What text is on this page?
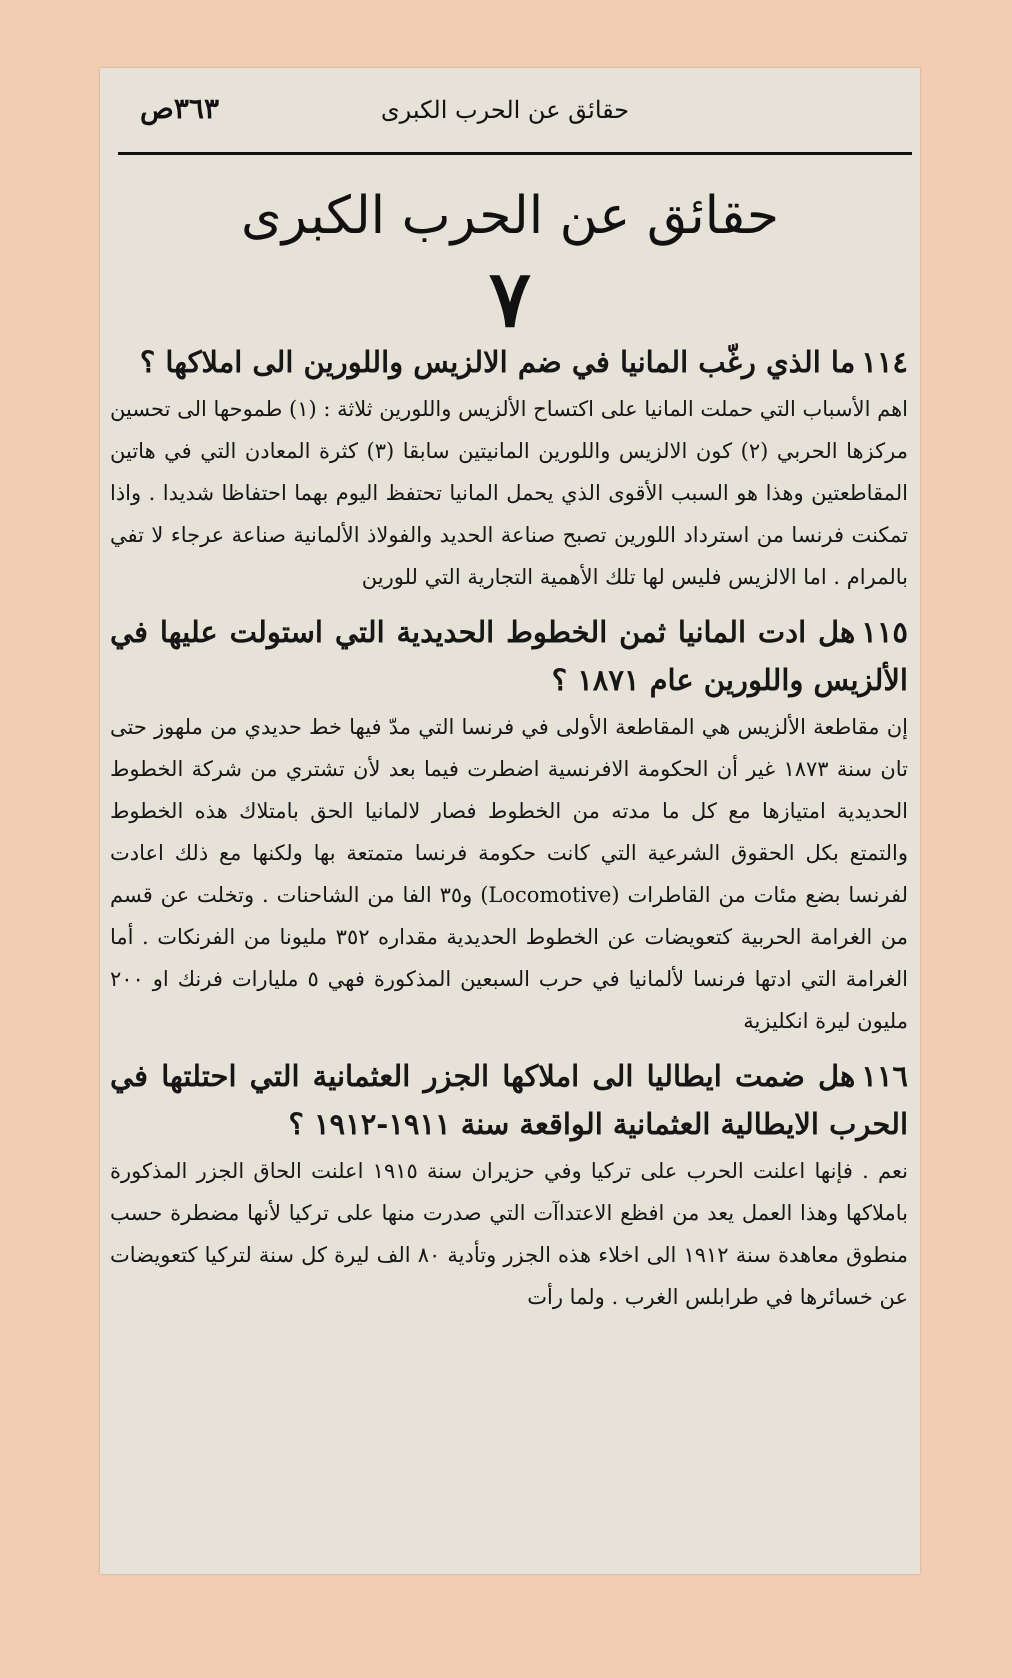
حقائق عن الحرب الكبرى
٣٦٣ص
حقائق عن الحرب الكبرى
٧

١١٤ما الذي رغّب المانيا في ضم الالزيس واللورين الى املاكها ؟

اهم الأسباب التي حملت المانيا على اكتساح الألزيس واللورين ثلاثة : (١) طموحها الى تحسين مركزها الحربي (٢) كون الالزيس واللورين المانيتين سابقا (٣) كثرة المعادن التي في هاتين المقاطعتين وهذا هو السبب الأقوى الذي يحمل المانيا تحتفظ اليوم بهما احتفاظا شديدا . واذا تمكنت فرنسا من استرداد اللورين تصبح صناعة الحديد والفولاذ الألمانية صناعة عرجاء لا تفي بالمرام . اما الالزيس فليس لها تلك الأهمية التجارية التي للورين

١١٥هل ادت المانيا ثمن الخطوط الحديدية التي استولت عليها في الألزيس واللورين عام ١٨٧١ ؟

إن مقاطعة الألزيس هي المقاطعة الأولى في فرنسا التي مدّ فيها خط حديدي من ملهوز حتى تان سنة ١٨٧٣ غير أن الحكومة الافرنسية اضطرت فيما بعد لأن تشتري من شركة الخطوط الحديدية امتيازها مع كل ما مدته من الخطوط فصار لالمانيا الحق بامتلاك هذه الخطوط والتمتع بكل الحقوق الشرعية التي كانت حكومة فرنسا متمتعة بها ولكنها مع ذلك اعادت لفرنسا بضع مئات من القاطرات (Locomotive) و٣٥ الفا من الشاحنات . وتخلت عن قسم من الغرامة الحربية كتعويضات عن الخطوط الحديدية مقداره ٣٥٢ مليونا من الفرنكات . أما الغرامة التي ادتها فرنسا لألمانيا في حرب السبعين المذكورة فهي ٥ مليارات فرنك او ٢٠٠ مليون ليرة انكليزية

١١٦هل ضمت ايطاليا الى املاكها الجزر العثمانية التي احتلتها في الحرب الايطالية العثمانية الواقعة سنة ١٩١١-١٩١٢ ؟

نعم . فإنها اعلنت الحرب على تركيا وفي حزيران سنة ١٩١٥ اعلنت الحاق الجزر المذكورة باملاكها وهذا العمل يعد من افظع الاعتداآت التي صدرت منها على تركيا لأنها مضطرة حسب منطوق معاهدة سنة ١٩١٢ الى اخلاء هذه الجزر وتأدية ٨٠ الف ليرة كل سنة لتركيا كتعويضات عن خسائرها في طرابلس الغرب . ولما رأت
